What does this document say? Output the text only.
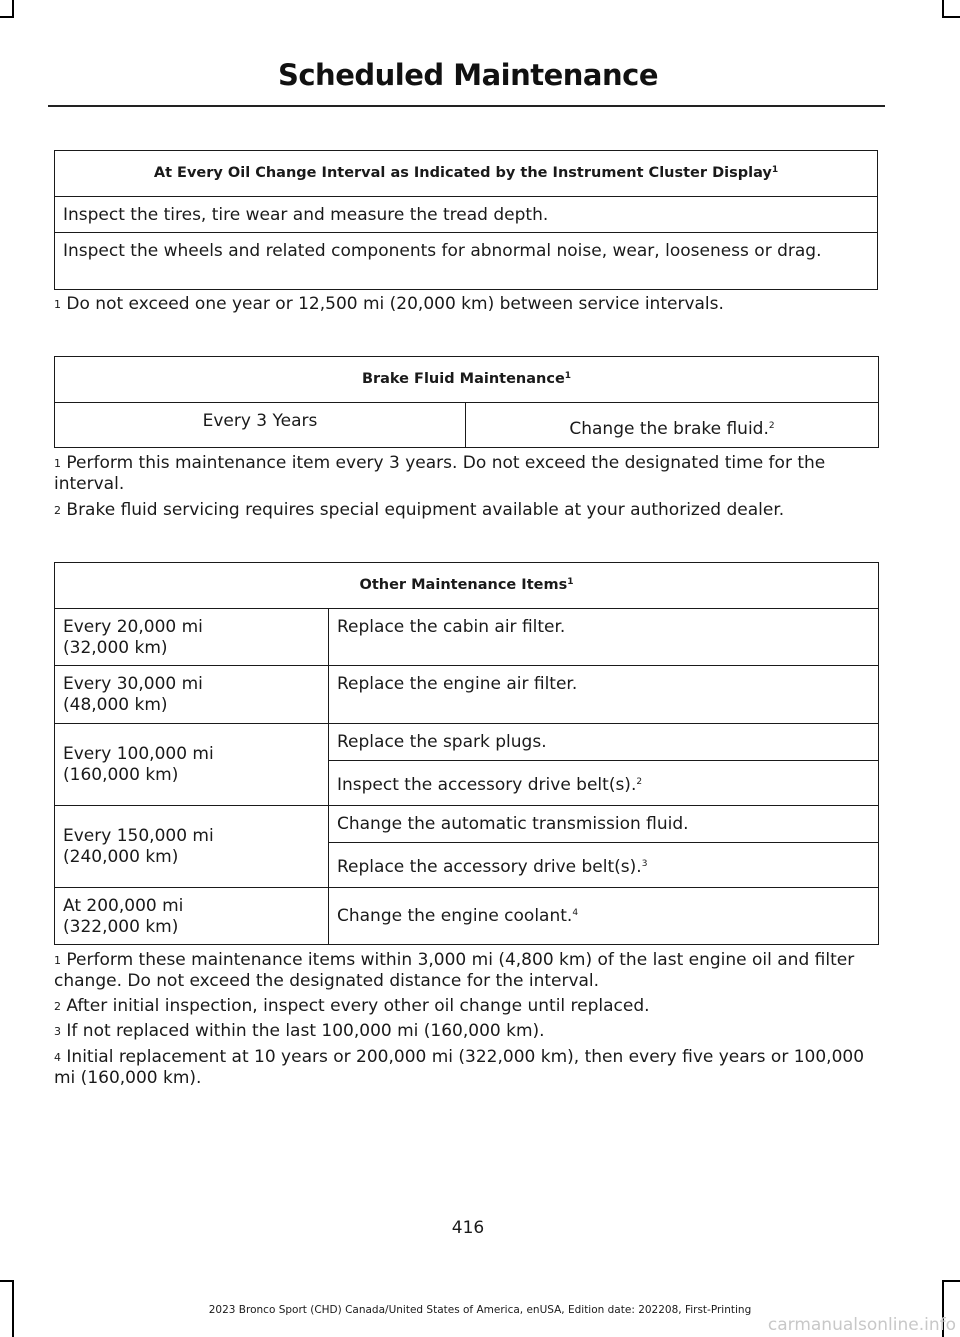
Scheduled Maintenance
At Every Oil Change Interval as Indicated by the Instrument Cluster Display$^1$
Inspect the tires, tire wear and measure the tread depth.
Inspect the wheels and related components for abnormal noise, wear, looseness or drag.
$^1$ Do not exceed one year or 12,500 mi (20,000 km) between service intervals.
Brake Fluid Maintenance$^1$
Every 3 Years	Change the brake fluid.$^2$
$^1$ Perform this maintenance item every 3 years. Do not exceed the designated time for the interval.
$^2$ Brake fluid servicing requires special equipment available at your authorized dealer.
Other Maintenance Items$^1$

Every 20,000 mi
(32,000 km)	Replace the cabin air filter.

Every 30,000 mi
(48,000 km)	Replace the engine air filter.

Every 100,000 mi
(160,000 km)	Replace the spark plugs.
	Inspect the accessory drive belt(s).$^2$

Every 150,000 mi
(240,000 km)	Change the automatic transmission fluid.
	Replace the accessory drive belt(s).$^3$

At 200,000 mi
(322,000 km)	Change the engine coolant.$^4$
$^1$ Perform these maintenance items within 3,000 mi (4,800 km) of the last engine oil and filter change. Do not exceed the designated distance for the interval.
$^2$ After initial inspection, inspect every other oil change until replaced.
$^3$ If not replaced within the last 100,000 mi (160,000 km).
$^4$ Initial replacement at 10 years or 200,000 mi (322,000 km), then every five years or 100,000 mi (160,000 km).
416
2023 Bronco Sport (CHD) Canada/United States of America, enUSA, Edition date: 202208, First-Printing
carmanualsonline.info
